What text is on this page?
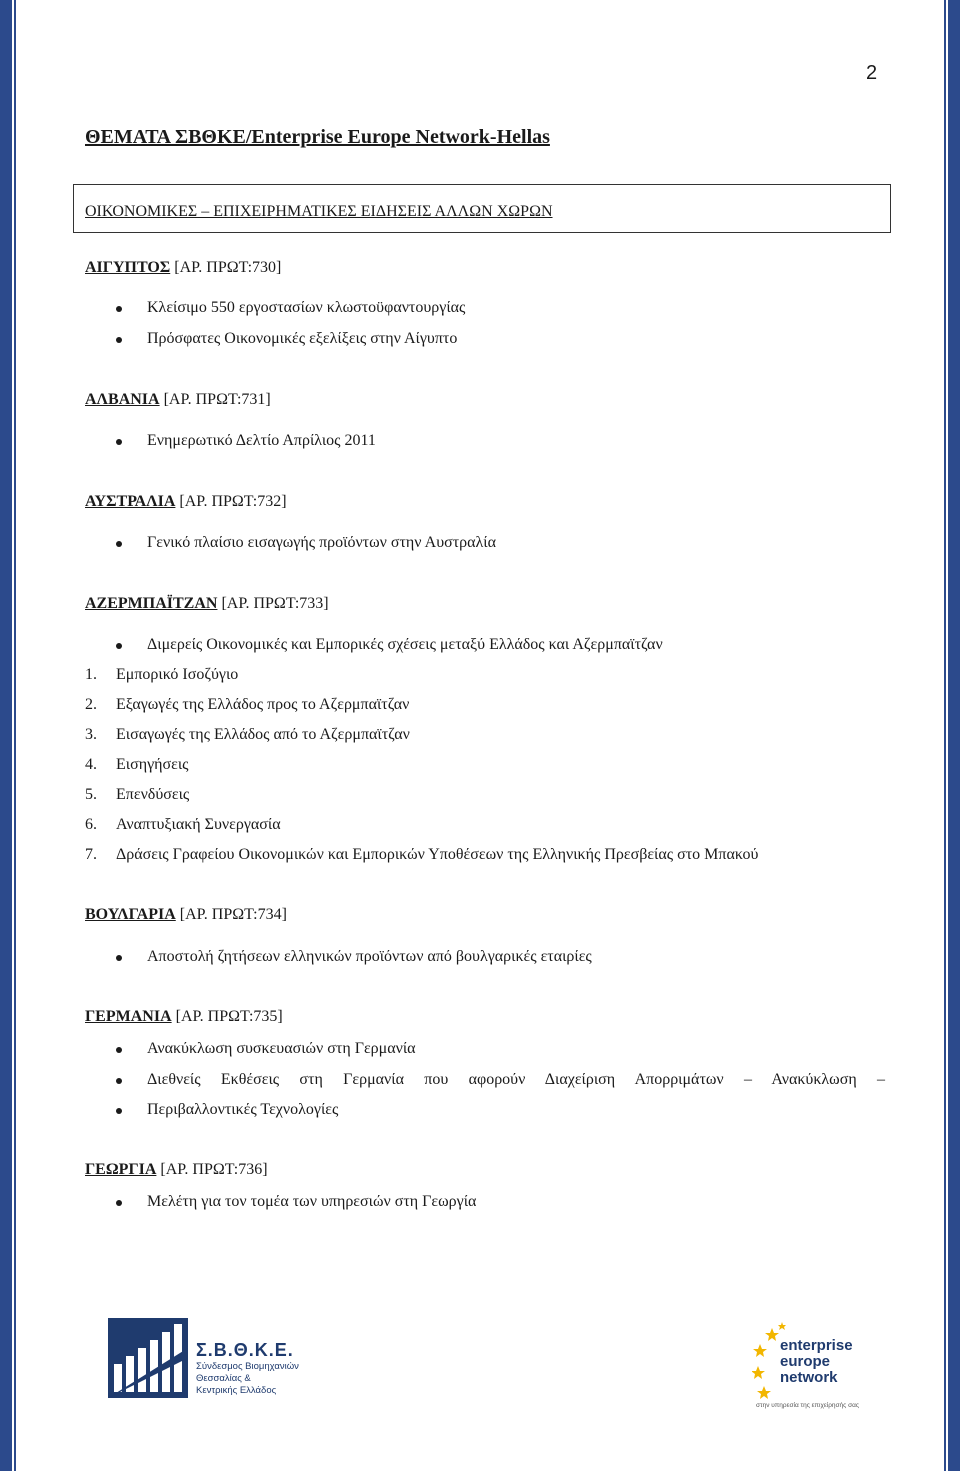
2
ΘΕΜΑΤΑ ΣΒΘΚΕ/Enterprise Europe Network-Hellas
ΟΙΚΟΝΟΜΙΚΕΣ – ΕΠΙΧΕΙΡΗΜΑΤΙΚΕΣ ΕΙΔΗΣΕΙΣ ΑΛΛΩΝ ΧΩΡΩΝ
ΑΙΓΥΠΤΟΣ [ΑΡ. ΠΡΩΤ:730]
Κλείσιμο 550 εργοστασίων κλωστοϋφαντουργίας
Πρόσφατες Οικονομικές εξελίξεις στην Αίγυπτο
ΑΛΒΑΝΙΑ [ΑΡ. ΠΡΩΤ:731]
Ενημερωτικό Δελτίο Απρίλιος 2011
ΑΥΣΤΡΑΛΙΑ [ΑΡ. ΠΡΩΤ:732]
Γενικό πλαίσιο εισαγωγής προϊόντων στην Αυστραλία
ΑΖΕΡΜΠΑΪΤΖΑΝ [ΑΡ. ΠΡΩΤ:733]
Διμερείς Οικονομικές και Εμπορικές σχέσεις μεταξύ Ελλάδος και Αζερμπαϊτζαν
1. Εμπορικό Ισοζύγιο
2. Εξαγωγές της Ελλάδος προς το Αζερμπαϊτζαν
3. Εισαγωγές της Ελλάδος από το Αζερμπαϊτζαν
4. Εισηγήσεις
5. Επενδύσεις
6. Αναπτυξιακή Συνεργασία
7. Δράσεις Γραφείου Οικονομικών και Εμπορικών Υποθέσεων της Ελληνικής Πρεσβείας στο Μπακού
ΒΟΥΛΓΑΡΙΑ [ΑΡ. ΠΡΩΤ:734]
Αποστολή ζητήσεων ελληνικών προϊόντων από βουλγαρικές εταιρίες
ΓΕΡΜΑΝΙΑ [ΑΡ. ΠΡΩΤ:735]
Ανακύκλωση συσκευασιών στη Γερμανία
Διεθνείς Εκθέσεις στη Γερμανία που αφορούν Διαχείριση Απορριμάτων – Ανακύκλωση –
Περιβαλλοντικές Τεχνολογίες
ΓΕΩΡΓΙΑ [ΑΡ. ΠΡΩΤ:736]
Μελέτη για τον τομέα των υπηρεσιών στη Γεωργία
Σ.Β.Θ.Κ.Ε.
Σύνδεσμος Βιομηχανιών
Θεσσαλίας &
Κεντρικής Ελλάδος
enterprise
europe
network
στην υπηρεσία της επιχείρησής σας
